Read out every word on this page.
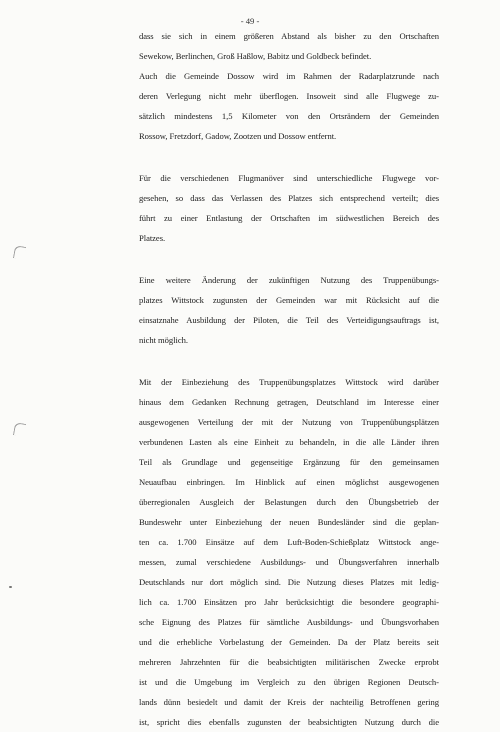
- 49 -
dass sie sich in einem größeren Abstand als bisher zu den Ortschaften
Sewekow, Berlinchen, Groß Haßlow, Babitz und Goldbeck befindet.
Auch die Gemeinde Dossow wird im Rahmen der Radarplatzrunde nach
deren Verlegung nicht mehr überflogen. Insoweit sind alle Flugwege zu-
sätzlich mindestens 1,5 Kilometer von den Ortsrändern der Gemeinden
Rossow, Fretzdorf, Gadow, Zootzen und Dossow entfernt.
Für die verschiedenen Flugmanöver sind unterschiedliche Flugwege vor-
gesehen, so dass das Verlassen des Platzes sich entsprechend verteilt; dies
führt zu einer Entlastung der Ortschaften im südwestlichen Bereich des
Platzes.
Eine weitere Änderung der zukünftigen Nutzung des Truppenübungs-
platzes Wittstock zugunsten der Gemeinden war mit Rücksicht auf die
einsatznahe Ausbildung der Piloten, die Teil des Verteidigungsauftrags ist,
nicht möglich.
Mit der Einbeziehung des Truppenübungsplatzes Wittstock wird darüber
hinaus dem Gedanken Rechnung getragen, Deutschland im Interesse einer
ausgewogenen Verteilung der mit der Nutzung von Truppenübungsplätzen
verbundenen Lasten als eine Einheit zu behandeln, in die alle Länder ihren
Teil als Grundlage und gegenseitige Ergänzung für den gemeinsamen
Neuaufbau einbringen. Im Hinblick auf einen möglichst ausgewogenen
überregionalen Ausgleich der Belastungen durch den Übungsbetrieb der
Bundeswehr unter Einbeziehung der neuen Bundesländer sind die geplan-
ten ca. 1.700 Einsätze auf dem Luft-Boden-Schießplatz Wittstock ange-
messen, zumal verschiedene Ausbildungs- und Übungsverfahren innerhalb
Deutschlands nur dort möglich sind. Die Nutzung dieses Platzes mit ledig-
lich ca. 1.700 Einsätzen pro Jahr berücksichtigt die besondere geographi-
sche Eignung des Platzes für sämtliche Ausbildungs- und Übungsvorhaben
und die erhebliche Vorbelastung der Gemeinden. Da der Platz bereits seit
mehreren Jahrzehnten für die beabsichtigten militärischen Zwecke erprobt
ist und die Umgebung im Vergleich zu den übrigen Regionen Deutsch-
lands dünn besiedelt und damit der Kreis der nachteilig Betroffenen gering
ist, spricht dies ebenfalls zugunsten der beabsichtigten Nutzung durch die
